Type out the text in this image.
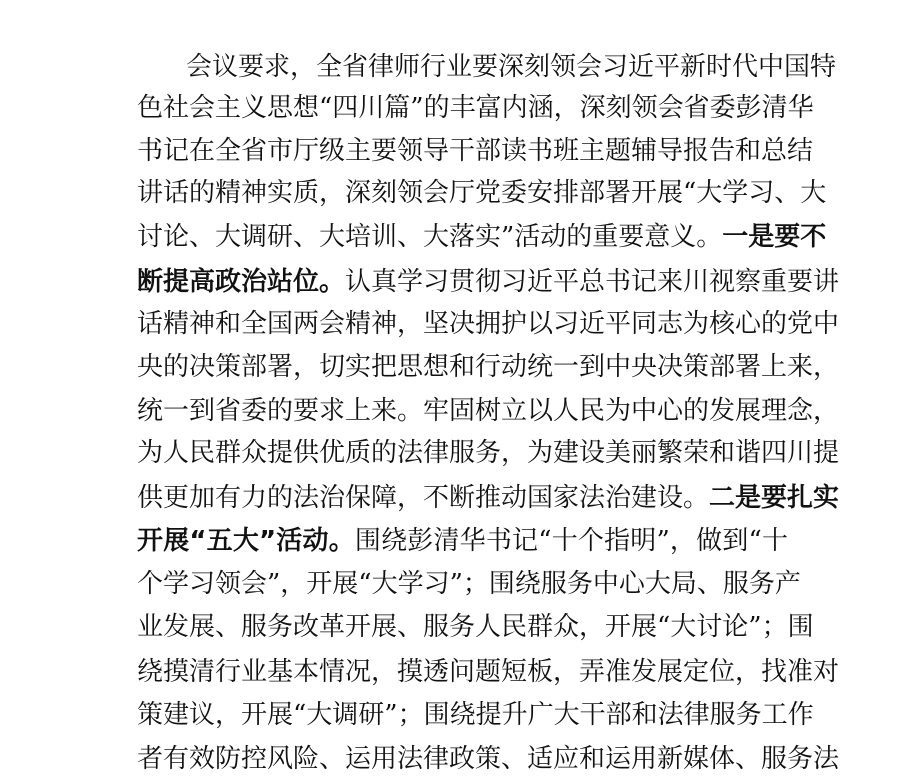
会议要求，全省律师行业要深刻领会习近平新时代中国特
色社会主义思想“四川篇”的丰富内涵，深刻领会省委彭清华
书记在全省市厅级主要领导干部读书班主题辅导报告和总结
讲话的精神实质，深刻领会厅党委安排部署开展“大学习、大
讨论、大调研、大培训、大落实”活动的重要意义。一是要不
断提高政治站位。认真学习贯彻习近平总书记来川视察重要讲
话精神和全国两会精神，坚决拥护以习近平同志为核心的党中
央的决策部署，切实把思想和行动统一到中央决策部署上来，
统一到省委的要求上来。牢固树立以人民为中心的发展理念，
为人民群众提供优质的法律服务，为建设美丽繁荣和谐四川提
供更加有力的法治保障，不断推动国家法治建设。二是要扎实
开展“五大”活动。围绕彭清华书记“十个指明”，做到“十
个学习领会”，开展“大学习”；围绕服务中心大局、服务产
业发展、服务改革开展、服务人民群众，开展“大讨论”；围
绕摸清行业基本情况，摸透问题短板，弄准发展定位，找准对
策建议，开展“大调研”；围绕提升广大干部和法律服务工作
者有效防控风险、运用法律政策、适应和运用新媒体、服务法
